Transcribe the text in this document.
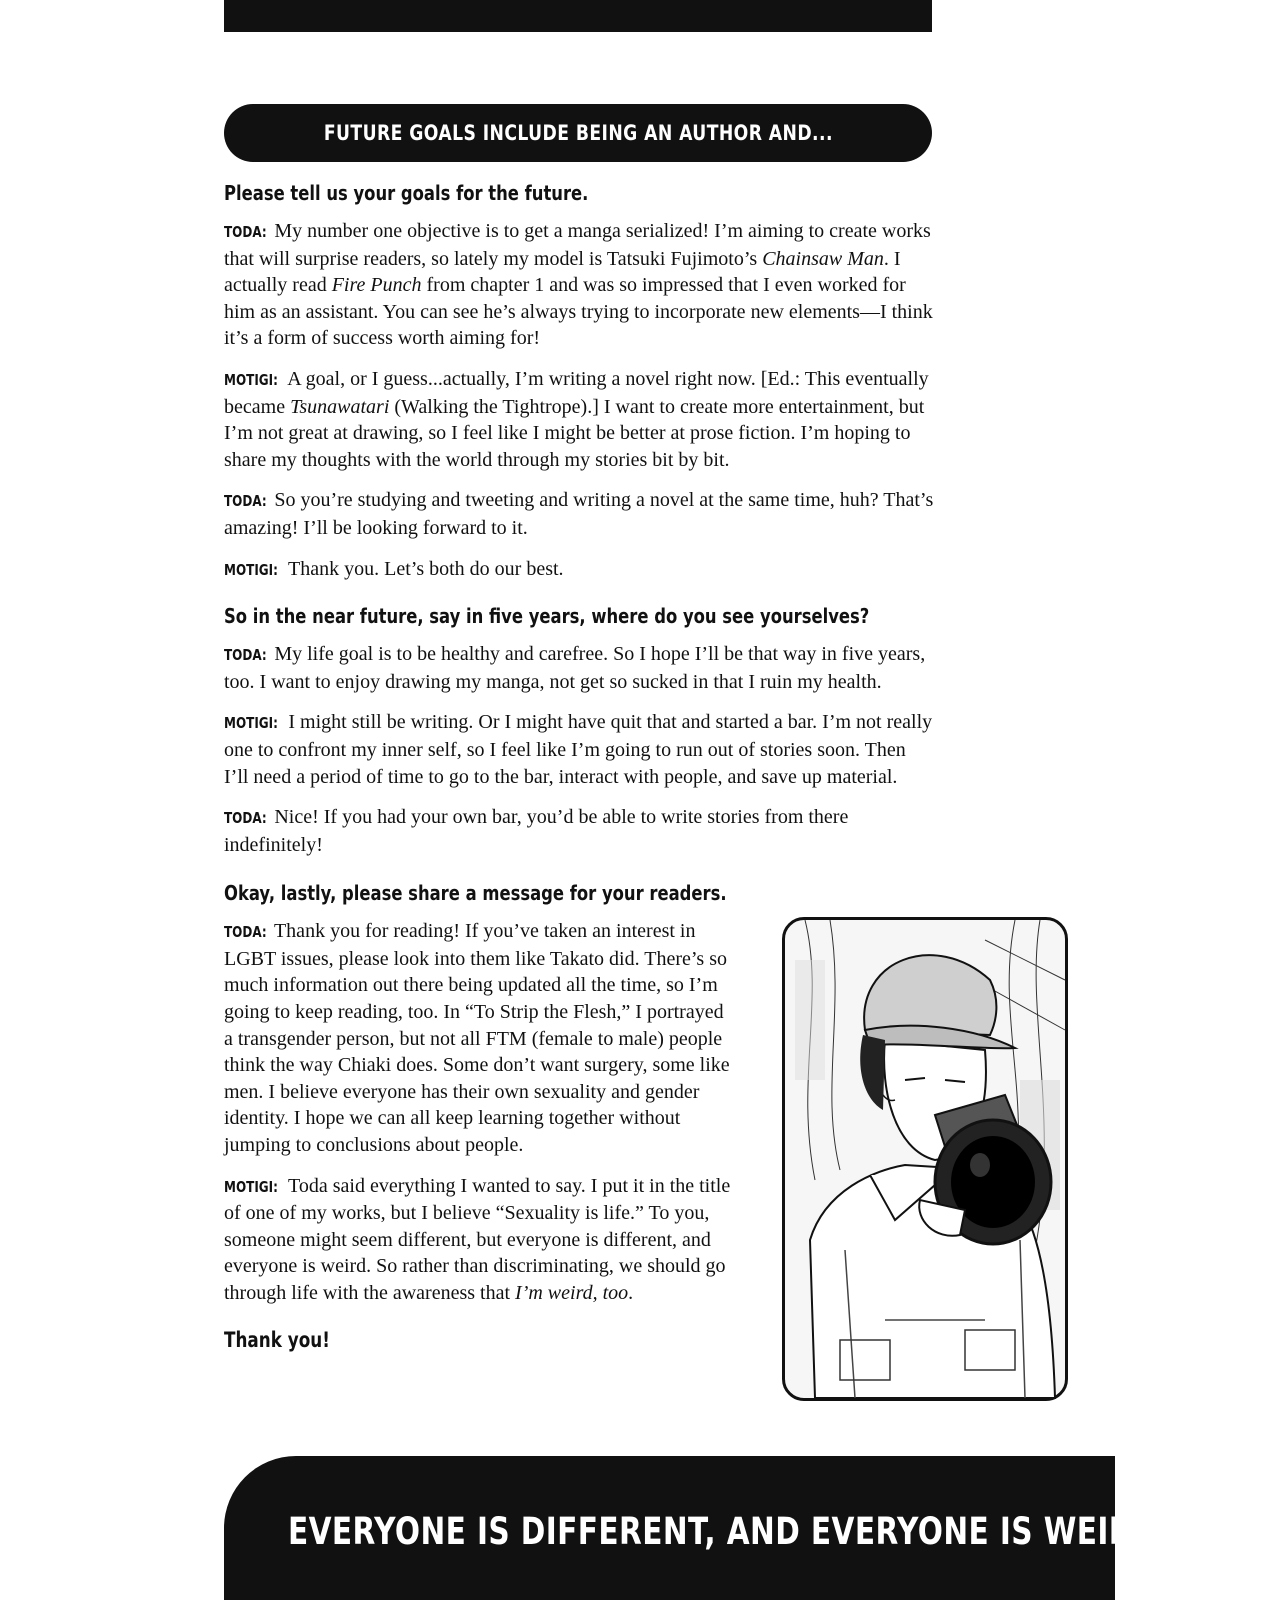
FUTURE GOALS INCLUDE BEING AN AUTHOR AND...
Please tell us your goals for the future.

TODA: My number one objective is to get a manga serialized! I’m aiming to create works that will surprise readers, so lately my model is Tatsuki Fujimoto’s Chainsaw Man. I actually read Fire Punch from chapter 1 and was so impressed that I even worked for him as an assistant. You can see he’s always trying to incorporate new elements—I think it’s a form of success worth aiming for!

MOTIGI: A goal, or I guess...actually, I’m writing a novel right now. [Ed.: This eventually became Tsunawatari (Walking the Tightrope).] I want to create more entertainment, but I’m not great at drawing, so I feel like I might be better at prose fiction. I’m hoping to share my thoughts with the world through my stories bit by bit.

TODA: So you’re studying and tweeting and writing a novel at the same time, huh? That’s amazing! I’ll be looking forward to it.

MOTIGI: Thank you. Let’s both do our best.

So in the near future, say in five years, where do you see yourselves?

TODA: My life goal is to be healthy and carefree. So I hope I’ll be that way in five years, too. I want to enjoy drawing my manga, not get so sucked in that I ruin my health.

MOTIGI: I might still be writing. Or I might have quit that and started a bar. I’m not really one to confront my inner self, so I feel like I’m going to run out of stories soon. Then I’ll need a period of time to go to the bar, interact with people, and save up material.

TODA: Nice! If you had your own bar, you’d be able to write stories from there indefinitely!

Okay, lastly, please share a message for your readers.

TODA: Thank you for reading! If you’ve taken an interest in LGBT issues, please look into them like Takato did. There’s so much information out there being updated all the time, so I’m going to keep reading, too. In “To Strip the Flesh,” I portrayed a transgender person, but not all FTM (female to male) people think the way Chiaki does. Some don’t want surgery, some like men. I believe everyone has their own sexuality and gender identity. I hope we can all keep learning together without jumping to conclusions about people.

MOTIGI: Toda said everything I wanted to say. I put it in the title of one of my works, but I believe “Sexuality is life.” To you, someone might seem different, but everyone is different, and everyone is weird. So rather than discriminating, we should go through life with the awareness that I’m weird, too.

Thank you!
EVERYONE IS DIFFERENT, AND EVERYONE IS WEIRD. —MOTIGI
